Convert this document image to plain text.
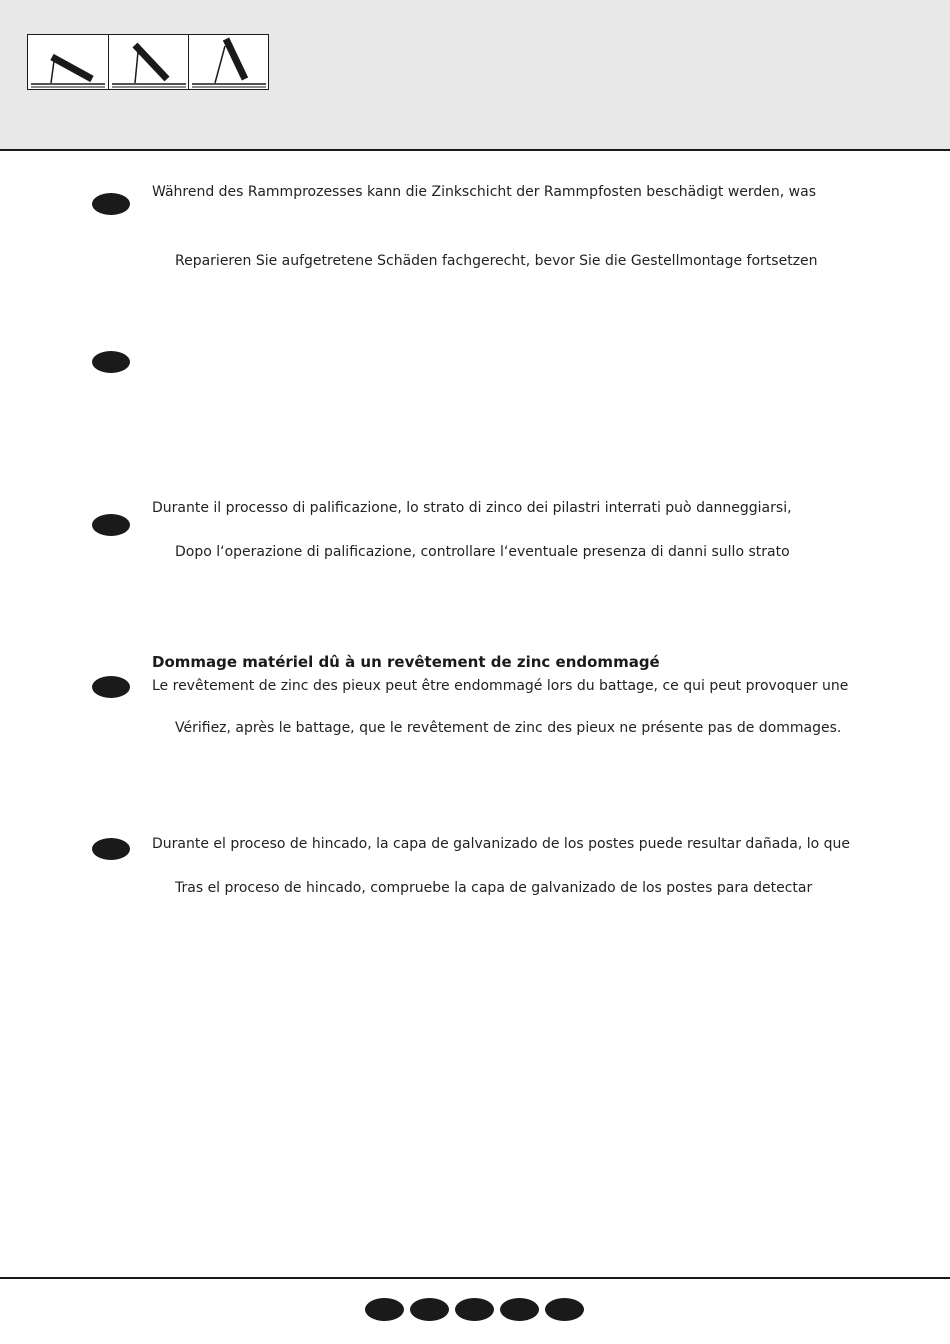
Während des Rammprozesses kann die Zinkschicht der Rammpfosten beschädigt werden, was
Reparieren Sie aufgetretene Schäden fachgerecht, bevor Sie die Gestellmontage fortsetzen
Durante il processo di palificazione, lo strato di zinco dei pilastri interrati può danneggiarsi,
Dopo l‘operazione di palificazione, controllare l‘eventuale presenza di danni sullo strato
Dommage matériel dû à un revêtement de zinc endommagé
Le revêtement de zinc des pieux peut être endommagé lors du battage, ce qui peut provoquer une
Vérifiez, après le battage, que le revêtement de zinc des pieux ne présente pas de dommages.
Durante el proceso de hincado, la capa de galvanizado de los postes puede resultar dañada, lo que
Tras el proceso de hincado, compruebe la capa de galvanizado de los postes para detectar
